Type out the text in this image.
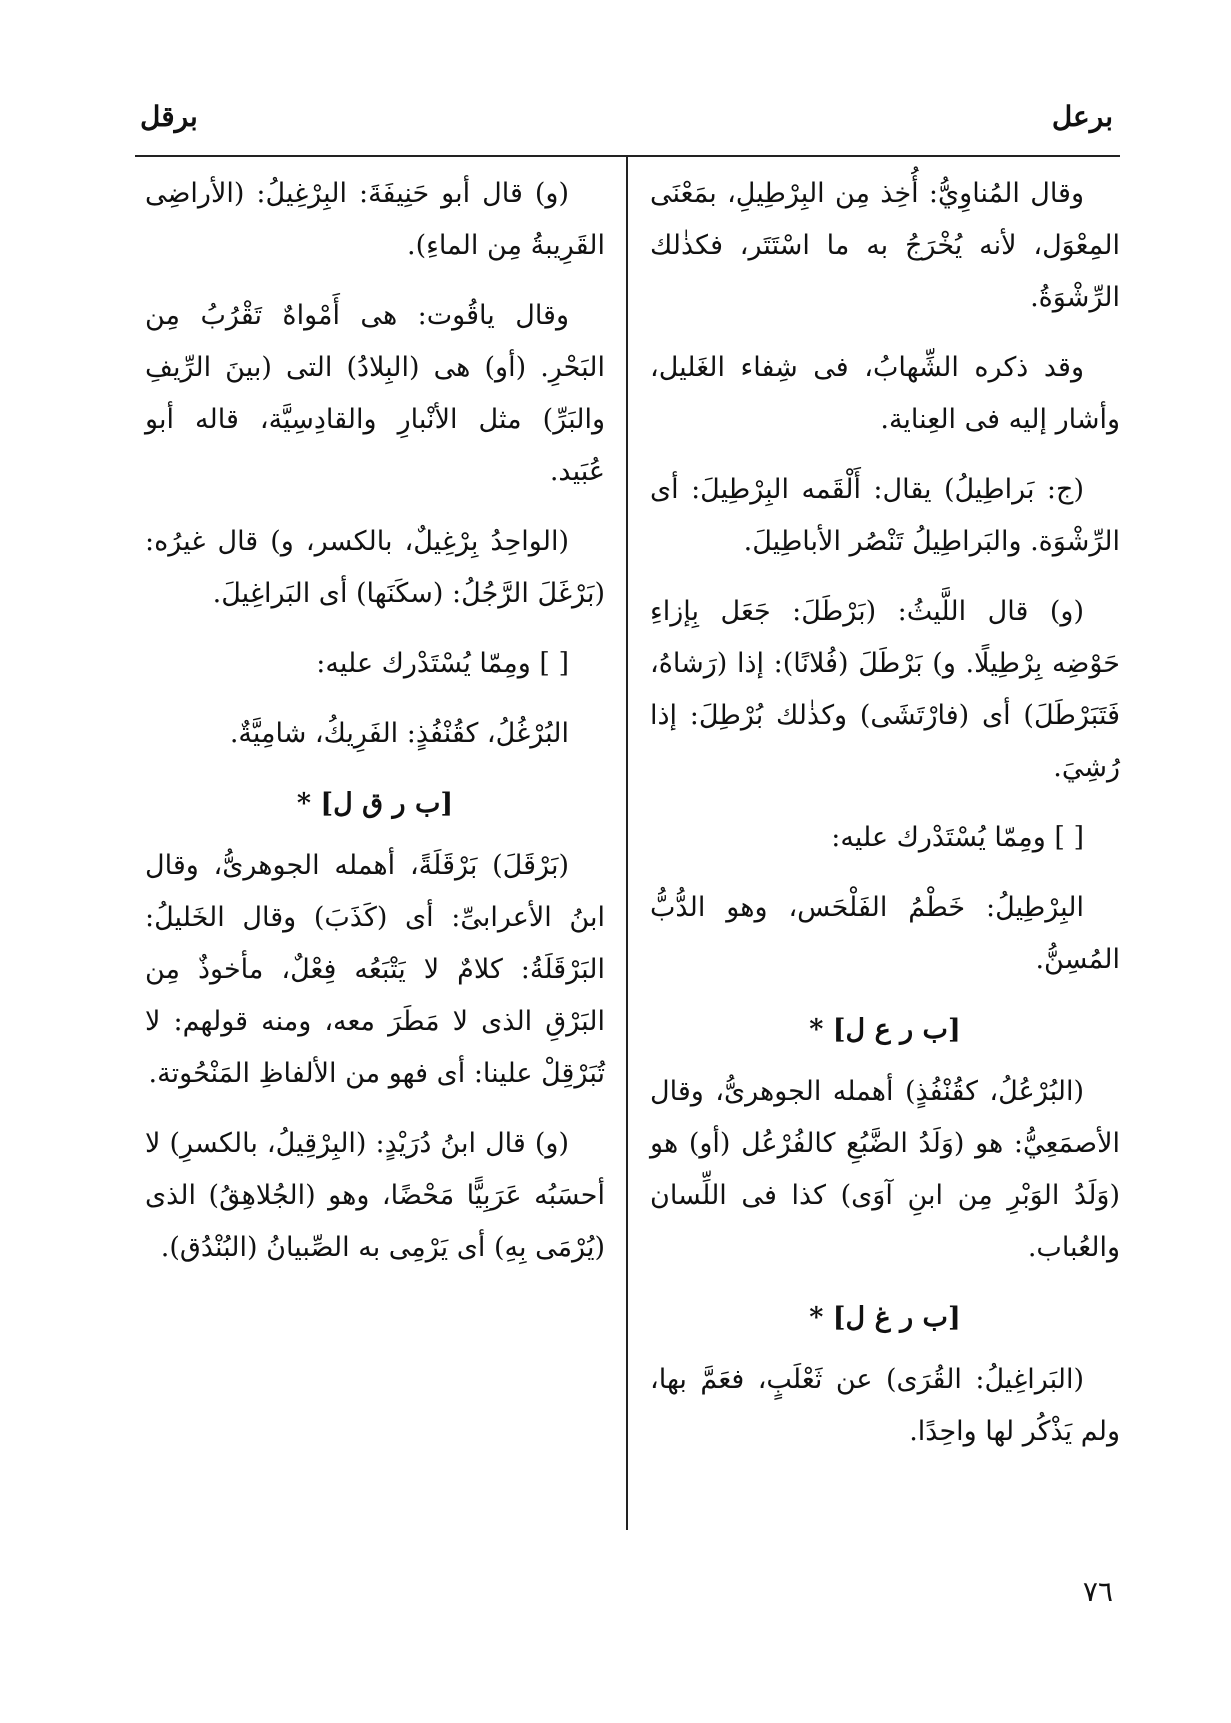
برعل
برقل

وقال المُناوِيُّ: أُخِذ مِن البِرْطِيلِ، بمَعْنَى المِعْوَل، لأنه يُخْرَجُ به ما اسْتَتَر، فكذٰلك الرِّشْوَةُ.

وقد ذكره الشِّهابُ، فى شِفاء الغَليل، وأشار إليه فى العِناية.

(ج: بَراطِيلُ) يقال: أَلْقَمه البِرْطِيلَ: أى الرِّشْوَة. والبَراطِيلُ تَنْصُر الأباطِيلَ.

(و) قال اللَّيثُ: (بَرْطَلَ: جَعَل بِإزاءِ حَوْضِه بِرْطِيلًا. و) بَرْطَلَ (فُلانًا): إذا (رَشاهُ، فَتَبَرْطَلَ) أى (فارْتَشَى) وكذٰلك بُرْطِلَ: إذا رُشِيَ.

[ ] ومِمّا يُسْتَدْرك عليه:

البِرْطِيلُ: خَطْمُ الفَلْحَس، وهو الدُّبُّ المُسِنُّ.

[ب ر ع ل] *

(البُرْعُلُ، كقُنْفُذٍ) أهمله الجوهرىُّ، وقال الأصمَعِيُّ: هو (وَلَدُ الضَّبُعِ كالفُرْعُل (أو) هو (وَلَدُ الوَبْرِ مِن ابنِ آوَى) كذا فى اللِّسان والعُباب.

[ب ر غ ل] *

(البَراغِيلُ: القُرَى) عن ثَعْلَبٍ، فعَمَّ بها، ولم يَذْكُر لها واحِدًا.

(و) قال أبو حَنِيفَةَ: البِرْغِيلُ: (الأراضِى القَرِيبةُ مِن الماءِ).

وقال ياقُوت: هى أَمْواهٌ تَقْرُبُ مِن البَحْرِ. (أو) هى (البِلادُ) التى (بينَ الرِّيفِ والبَرِّ) مثل الأنْبارِ والقادِسِيَّة، قاله أبو عُبَيد.

(الواحِدُ بِرْغِيلٌ، بالكسر، و) قال غيرُه: (بَرْغَلَ الرَّجُلُ: (سكَنَها) أى البَراغِيلَ.

[ ] ومِمّا يُسْتَدْرك عليه:

البُرْغُلُ، كقُنْفُذٍ: الفَرِيكُ، شامِيَّةٌ.

[ب ر ق ل] *

(بَرْقَلَ) بَرْقَلَةً، أهمله الجوهرىُّ، وقال ابنُ الأعرابىِّ: أى (كَذَبَ) وقال الخَليلُ: البَرْقَلَةُ: كلامٌ لا يَتْبَعُه فِعْلٌ، مأخوذٌ مِن البَرْقِ الذى لا مَطَرَ معه، ومنه قولهم: لا تُبَرْقِلْ علينا: أى فهو من الألفاظِ المَنْحُوتة.

(و) قال ابنُ دُرَيْدٍ: (البِرْقِيلُ، بالكسرِ) لا أحسَبُه عَرَبِيًّا مَحْضًا، وهو (الجُلاهِقُ) الذى (يُرْمَى بِهِ) أى يَرْمِى به الصِّبيانُ (البُنْدُق).

٧٦
